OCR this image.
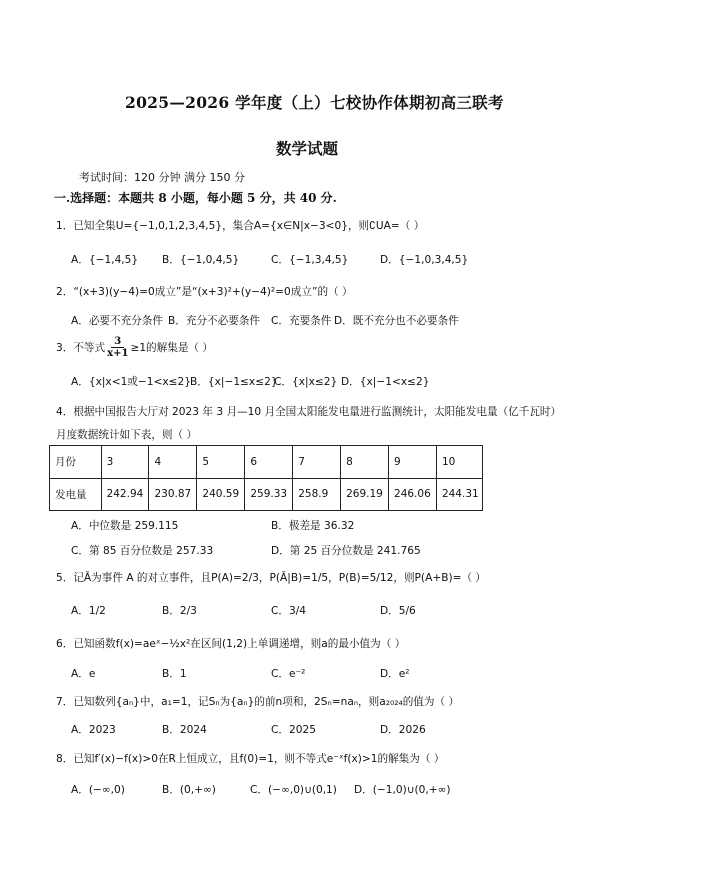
2025—2026 学年度（上）七校协作体期初高三联考
数学试题
考试时间：120 分钟 满分 150 分
一.选择题：本题共 8 小题，每小题 5 分，共 40 分.
1．已知全集U={−1,0,1,2,3,4,5}，集合A={x∈N|x−3<0}，则∁UA=（ ）
A．{−1,4,5} B．{−1,0,4,5}	C．{−1,3,4,5}	D．{−1,0,3,4,5}
2．“(x+3)(y−4)=0成立”是“(x+3)²+(y−4)²=0成立”的（ ）
A．必要不充分条件 B．充分不必要条件 C．充要条件 D．既不充分也不必要条件
3．不等式 $\frac{3}{x+1} \ge 1$的解集是（ ）
A．{x|x<1或−1<x≤2}
B．{x|−1≤x≤2}
C．{x|x≤2} D．{x|−1<x≤2}
4．根据中国报告大厅对 2023 年 3 月—10 月全国太阳能发电量进行监测统计，太阳能发电量（亿千瓦时）
月度数据统计如下表，则（ ）
月份	3	4	5	6	7	8	9	10
发电量	242.94	230.87	240.59	259.33	258.9	269.19	246.06	244.31
A．中位数是 259.115	B．极差是 36.32
C．第 85 百分位数是 257.33	D．第 25 百分位数是 241.765
5．记Ā为事件 A 的对立事件，且P(A)=2/3，P(Ā|B)=1/5，P(B)=5/12，则P(A+B)=（ ）
A．1/2	B．2/3	C．3/4	D．5/6
6．已知函数f(x)=aeˣ−½x²在区间(1,2)上单调递增，则a的最小值为（ ）
A．e	B．1	C．e⁻²	D．e²
7．已知数列{aₙ}中，a₁=1，记Sₙ为{aₙ}的前n项和，2Sₙ=naₙ，则a₂₀₂₄的值为（ ）
A．2023	B．2024	C．2025	D．2026
8．已知f′(x)−f(x)>0在R上恒成立，且f(0)=1，则不等式e⁻ˣf(x)>1的解集为（ ）
A．(−∞,0)	B．(0,+∞)	C．(−∞,0)∪(0,1) D．(−1,0)∪(0,+∞)
